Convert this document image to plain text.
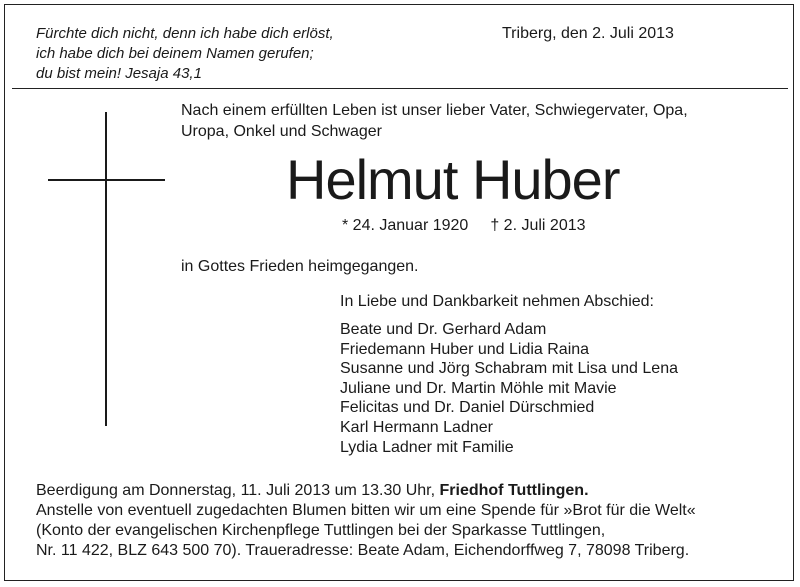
Fürchte dich nicht, denn ich habe dich erlöst,
ich habe dich bei deinem Namen gerufen;
du bist mein! Jesaja 43,1
Triberg, den 2. Juli 2013
Nach einem erfüllten Leben ist unser lieber Vater, Schwiegervater, Opa,
Uropa, Onkel und Schwager
Helmut Huber
* 24. Januar 1920 † 2. Juli 2013
in Gottes Frieden heimgegangen.
In Liebe und Dankbarkeit nehmen Abschied:
Beate und Dr. Gerhard Adam
Friedemann Huber und Lidia Raina
Susanne und Jörg Schabram mit Lisa und Lena
Juliane und Dr. Martin Möhle mit Mavie
Felicitas und Dr. Daniel Dürschmied
Karl Hermann Ladner
Lydia Ladner mit Familie
Beerdigung am Donnerstag, 11. Juli 2013 um 13.30 Uhr, Friedhof Tuttlingen.
Anstelle von eventuell zugedachten Blumen bitten wir um eine Spende für »Brot für die Welt«
(Konto der evangelischen Kirchenpflege Tuttlingen bei der Sparkasse Tuttlingen,
Nr. 11 422, BLZ 643 500 70). Traueradresse: Beate Adam, Eichendorffweg 7, 78098 Triberg.
